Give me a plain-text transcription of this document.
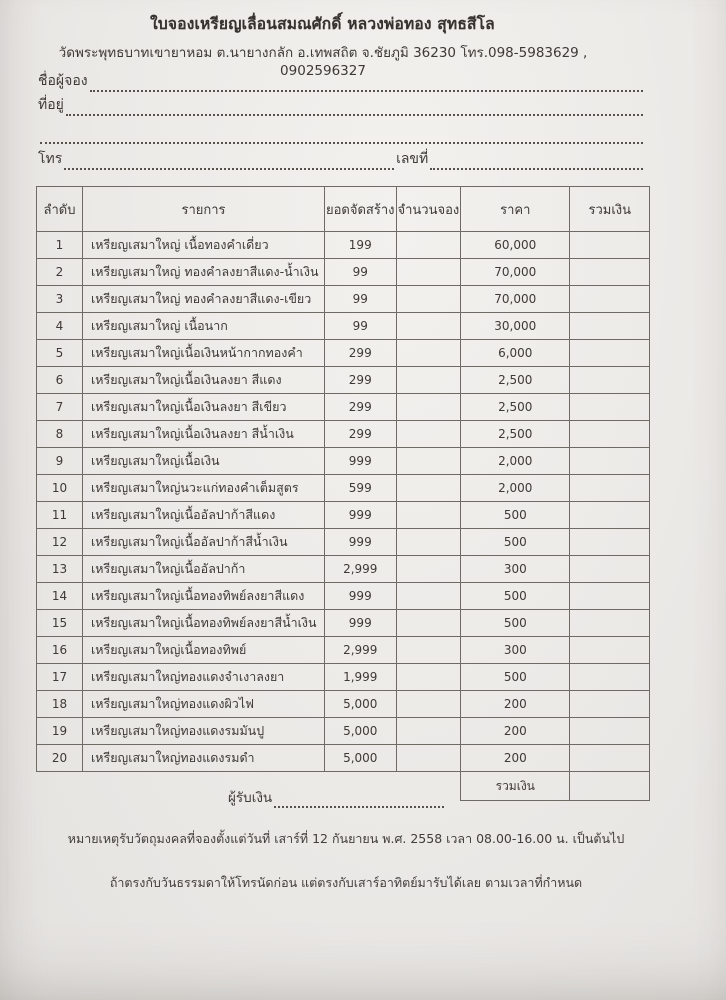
ใบจองเหรียญเลื่อนสมณศักดิ์ หลวงพ่อทอง สุทธสีโล
วัดพระพุทธบาทเขายาหอม ต.นายางกลัก อ.เทพสถิต จ.ชัยภูมิ 36230 โทร.098-5983629 , 0902596327
ชื่อผู้จอง
ที่อยู่
โทร	เลขที่
ลำดับ	รายการ	ยอดจัดสร้าง	จำนวนจอง	ราคา	รวมเงิน
1	เหรียญเสมาใหญ่ เนื้อทองคำเดี่ยว	199		60,000	
2	เหรียญเสมาใหญ่ ทองคำลงยาสีแดง-น้ำเงิน	99		70,000	
3	เหรียญเสมาใหญ่ ทองคำลงยาสีแดง-เขียว	99		70,000	
4	เหรียญเสมาใหญ่ เนื้อนาก	99		30,000	
5	เหรียญเสมาใหญ่เนื้อเงินหน้ากากทองคำ	299		6,000	
6	เหรียญเสมาใหญ่เนื้อเงินลงยา สีแดง	299		2,500	
7	เหรียญเสมาใหญ่เนื้อเงินลงยา สีเขียว	299		2,500	
8	เหรียญเสมาใหญ่เนื้อเงินลงยา สีน้ำเงิน	299		2,500	
9	เหรียญเสมาใหญ่เนื้อเงิน	999		2,000	
10	เหรียญเสมาใหญ่นวะแก่ทองคำเต็มสูตร	599		2,000	
11	เหรียญเสมาใหญ่เนื้ออัลปาก้าสีแดง	999		500	
12	เหรียญเสมาใหญ่เนื้ออัลปาก้าสีน้ำเงิน	999		500	
13	เหรียญเสมาใหญ่เนื้ออัลปาก้า	2,999		300	
14	เหรียญเสมาใหญ่เนื้อทองทิพย์ลงยาสีแดง	999		500	
15	เหรียญเสมาใหญ่เนื้อทองทิพย์ลงยาสีน้ำเงิน	999		500	
16	เหรียญเสมาใหญ่เนื้อทองทิพย์	2,999		300	
17	เหรียญเสมาใหญ่ทองแดงจำเงาลงยา	1,999		500	
18	เหรียญเสมาใหญ่ทองแดงผิวไฟ	5,000		200	
19	เหรียญเสมาใหญ่ทองแดงรมมันปู	5,000		200	
20	เหรียญเสมาใหญ่ทองแดงรมดำ	5,000		200	
				รวมเงิน	
ผู้รับเงิน
หมายเหตุรับวัตถุมงคลที่จองตั้งแต่วันที่ เสาร์ที่ 12 กันยายน พ.ศ. 2558 เวลา 08.00-16.00 น. เป็นต้นไป
ถ้าตรงกับวันธรรมดาให้โทรนัดก่อน แต่ตรงกับเสาร์อาทิตย์มารับได้เลย ตามเวลาที่กำหนด
